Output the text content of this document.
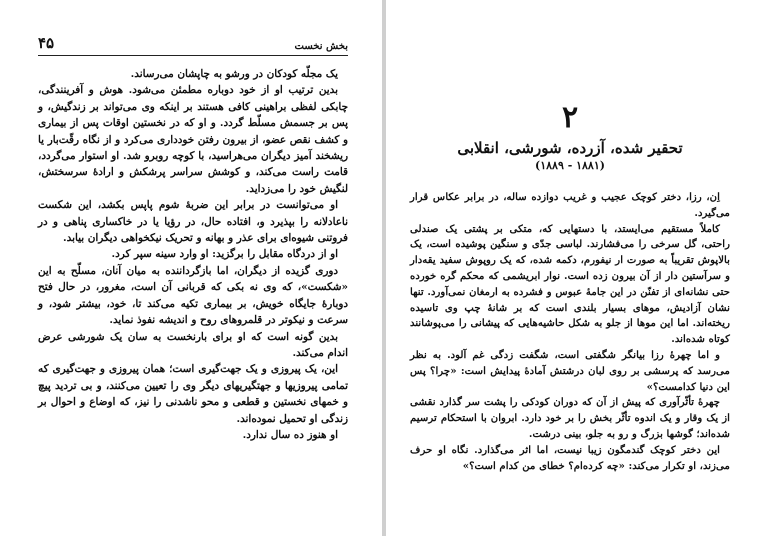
بخش نخست
۴۵

یک مجلّه کودکان در ورشو به چاپشان می‌رساند.

بدین ترتیب او از خود دوباره مطمئن می‌شود. هوش و آفرینندگی، چابکی لفظی براهینی کافی هستند بر اینکه وی می‌تواند بر زندگیش، و پس بر جسمش مسلّط گردد. و او که در نخستین اوقات پس از بیماری و کشف نقص عضو، از بیرون رفتن خودداری می‌کرد و از نگاه رقّت‌بار یا ریشخند آمیز دیگران می‌هراسید، با کوچه روبرو شد. او استوار می‌گردد، قامت راست می‌کند، و کوشش سراسر پرشکش و ارادهٔ سرسختش، لنگیش خود را می‌زداید.

او می‌توانست در برابر این ضربهٔ شوم پاپس بکشد، این شکست ناعادلانه را بپذیرد و، افتاده حال، در رؤیا یا در خاکساری پناهی و در فروتنی شیوه‌ای برای عذر و بهانه و تحریک نیکخواهی دیگران بیابد.

او از دردگاه مقابل را برگزید: او وارد سینه سپر کرد.

دوری گزیده از دیگران، اما بازگرداننده به میان آنان، مسلّح به این «شکست»، که وی نه بکی که قربانی آن است، مغرور، در حال فتح دوبارهٔ جایگاه خویش، بر بیماری تکیه می‌کند تا، خود، بیشتر شود، و سرعت و نیکوتر در قلمروهای روح و اندیشه نفوذ نماید.

بدین گونه است که او برای بارنخست به سان یک شورشی عرض اندام می‌کند.

این، یک پیروزی و یک جهت‌گیری است؛ همان پیروزی و جهت‌گیری که تمامی پیروزیها و جهتگیریهای دیگر وی را تعیین می‌کنند، و بی تردید پیچ و خمهای نخستین و قطعی و محو ناشدنی را نیز، که اوضاع و احوال بر زندگی او تحمیل نموده‌اند.

او هنوز ده سال ندارد.

۲
تحقیر شده، آزرده، شورشی، انقلابی
(۱۸۸۱ - ۱۸۸۹)

اِن، رزا، دختر کوچک عجیب و غریب دوازده ساله، در برابر عکاس قرار می‌گیرد.

کاملاً مستقیم می‌ایستد، با دستهایی که، متکی بر پشتی یک صندلی راحتی، گل سرخی را می‌فشارند. لباسی جدّی و سنگین پوشیده است، یک بالاپوش تقریباً به صورت ار نیفورم، دکمه شده، که یک روپوش سفید یقه‌دار و سرآستین دار از آن بیرون زده است. نوار ابریشمی که محکم گره خورده حتی نشانه‌ای از تفنّن در این جامهٔ عبوس و فشرده به ارمغان نمی‌آورد. تنها نشان آزادیش، موهای بسیار بلندی است که بر شانهٔ چپ وی تاسیده ریخته‌اند. اما این موها از جلو به شکل حاشیه‌هایی که پیشانی را می‌پوشانند کوتاه شده‌اند.

و اما چهرهٔ رزا بیانگر شگفتی است، شگفت زدگی غم آلود. به نظر می‌رسد که پرسشی بر روی لبان درشتش آمادهٔ پیدایش است: «چرا؟ پس این دنیا کدامست؟»

چهرهٔ تأثّرآوری که پیش از آن که دوران کودکی را پشت سر گذارد نقشی از یک وقار و یک اندوه تأثّر بخش را بر خود دارد. ابروان با استحکام ترسیم شده‌اند؛ گوشها بزرگ و رو به جلو، بینی درشت.

این دختر کوچک گندمگون زیبا نیست، اما اثر می‌گذارد. نگاه او حرف می‌زند، او تکرار می‌کند: «چه کرده‌ام؟ خطای من کدام است؟»
